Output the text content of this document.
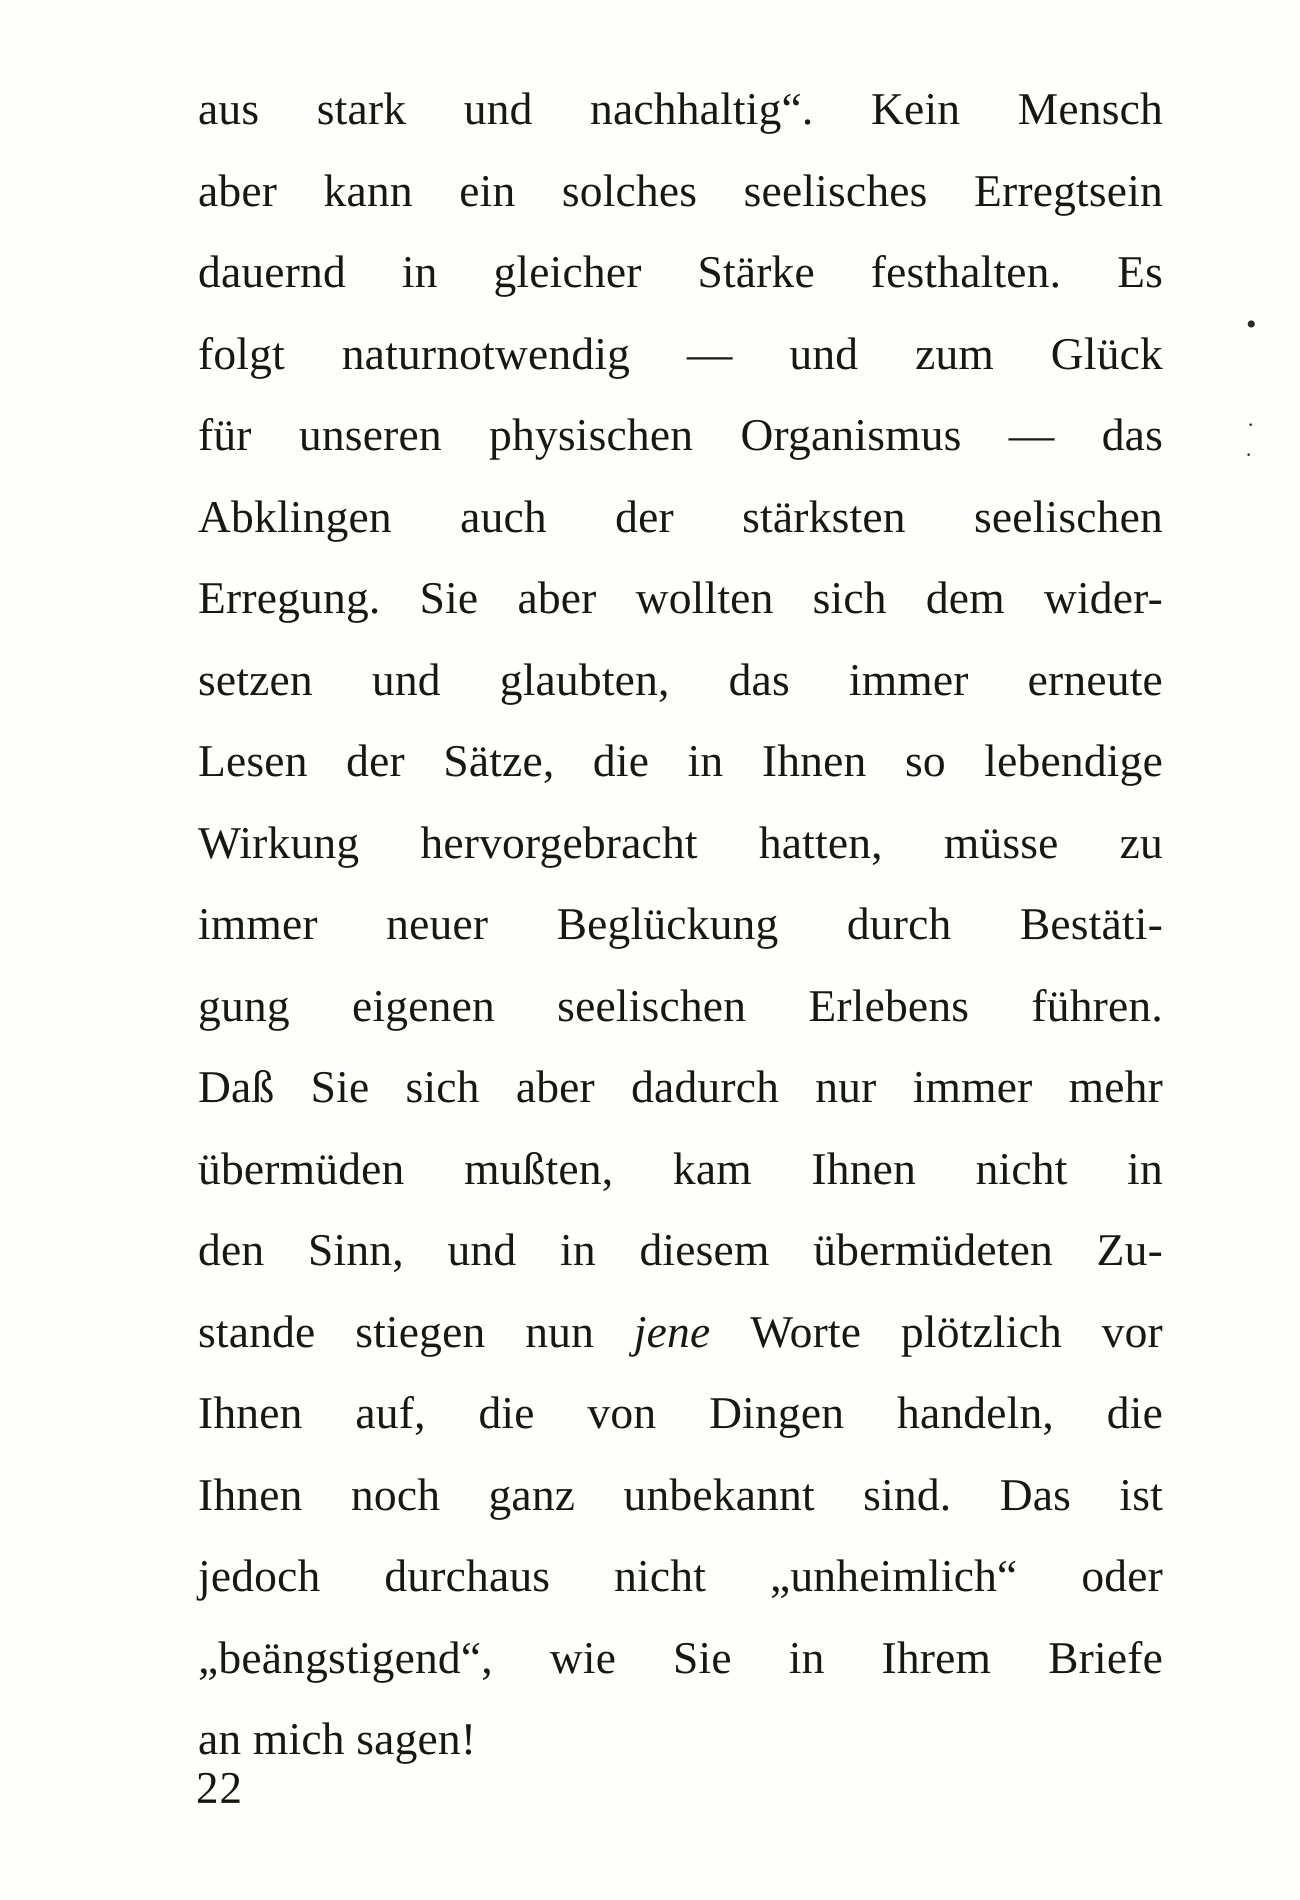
aus stark und nachhaltig“. Kein Mensch
aber kann ein solches seelisches Erregtsein
dauernd in gleicher Stärke festhalten. Es
folgt naturnotwendig — und zum Glück
für unseren physischen Organismus — das
Abklingen auch der stärksten seelischen
Erregung. Sie aber wollten sich dem wider-
setzen und glaubten, das immer erneute
Lesen der Sätze, die in Ihnen so lebendige
Wirkung hervorgebracht hatten, müsse zu
immer neuer Beglückung durch Bestäti-
gung eigenen seelischen Erlebens führen.
Daß Sie sich aber dadurch nur immer mehr
übermüden mußten, kam Ihnen nicht in
den Sinn, und in diesem übermüdeten Zu-
stande stiegen nun jene Worte plötzlich vor
Ihnen auf, die von Dingen handeln, die
Ihnen noch ganz unbekannt sind. Das ist
jedoch durchaus nicht „unheimlich“ oder
„beängstigend“, wie Sie in Ihrem Briefe
an mich sagen!
•
·
·
22
